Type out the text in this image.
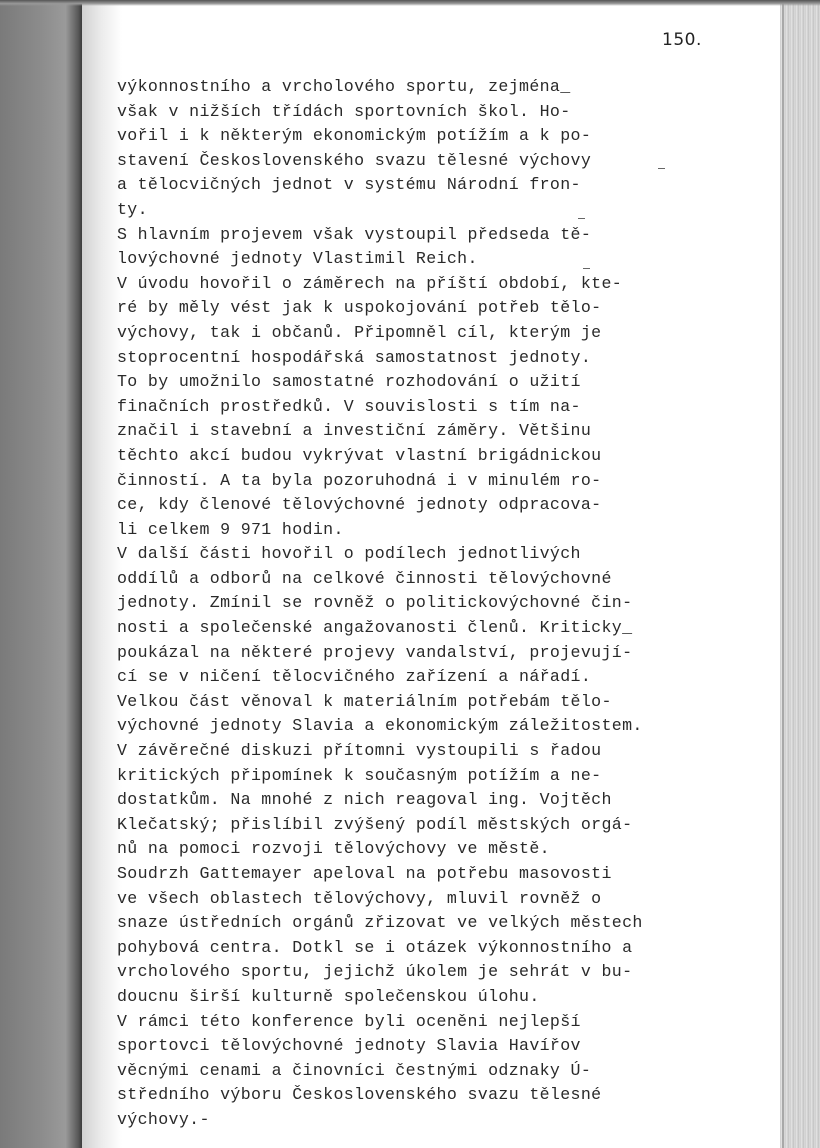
150.
výkonnostního a vrcholového sportu, zejména_
však v nižších třídách sportovních škol. Ho-
vořil i k některým ekonomickým potížím a k po-
stavení Československého svazu tělesné výchovy
a tělocvičných jednot v systému Národní fron-
ty.
S hlavním projevem však vystoupil předseda tě-
lovýchovné jednoty Vlastimil Reich.
V úvodu hovořil o záměrech na příští období, kte-
ré by měly vést jak k uspokojování potřeb tělo-
výchovy, tak i občanů. Připomněl cíl, kterým je
stoprocentní hospodářská samostatnost jednoty.
To by umožnilo samostatné rozhodování o užití
finačních prostředků. V souvislosti s tím na-
značil i stavební a investiční záměry. Většinu
těchto akcí budou vykrývat vlastní brigádnickou
činností. A ta byla pozoruhodná i v minulém ro-
ce, kdy členové tělovýchovné jednoty odpracova-
li celkem 9 971 hodin.
V další části hovořil o podílech jednotlivých
oddílů a odborů na celkové činnosti tělovýchovné
jednoty. Zmínil se rovněž o politickovýchovné čin-
nosti a společenské angažovanosti členů. Kriticky_
poukázal na některé projevy vandalství, projevují-
cí se v ničení tělocvičného zařízení a nářadí.
Velkou část věnoval k materiálním potřebám tělo-
výchovné jednoty Slavia a ekonomickým záležitostem.
V závěrečné diskuzi přítomni vystoupili s řadou
kritických připomínek k současným potížím a ne-
dostatkům. Na mnohé z nich reagoval ing. Vojtěch
Klečatský; přislíbil zvýšený podíl městských orgá-
nů na pomoci rozvoji tělovýchovy ve městě.
Soudrzh Gattemayer apeloval na potřebu masovosti
ve všech oblastech tělovýchovy, mluvil rovněž o
snaze ústředních orgánů zřizovat ve velkých městech
pohybová centra. Dotkl se i otázek výkonnostního a
vrcholového sportu, jejichž úkolem je sehrát v bu-
doucnu širší kulturně společenskou úlohu.
V rámci této konference byli oceněni nejlepší
sportovci tělovýchovné jednoty Slavia Havířov
věcnými cenami a činovníci čestnými odznaky Ú-
středního výboru Československého svazu tělesné
výchovy.-
